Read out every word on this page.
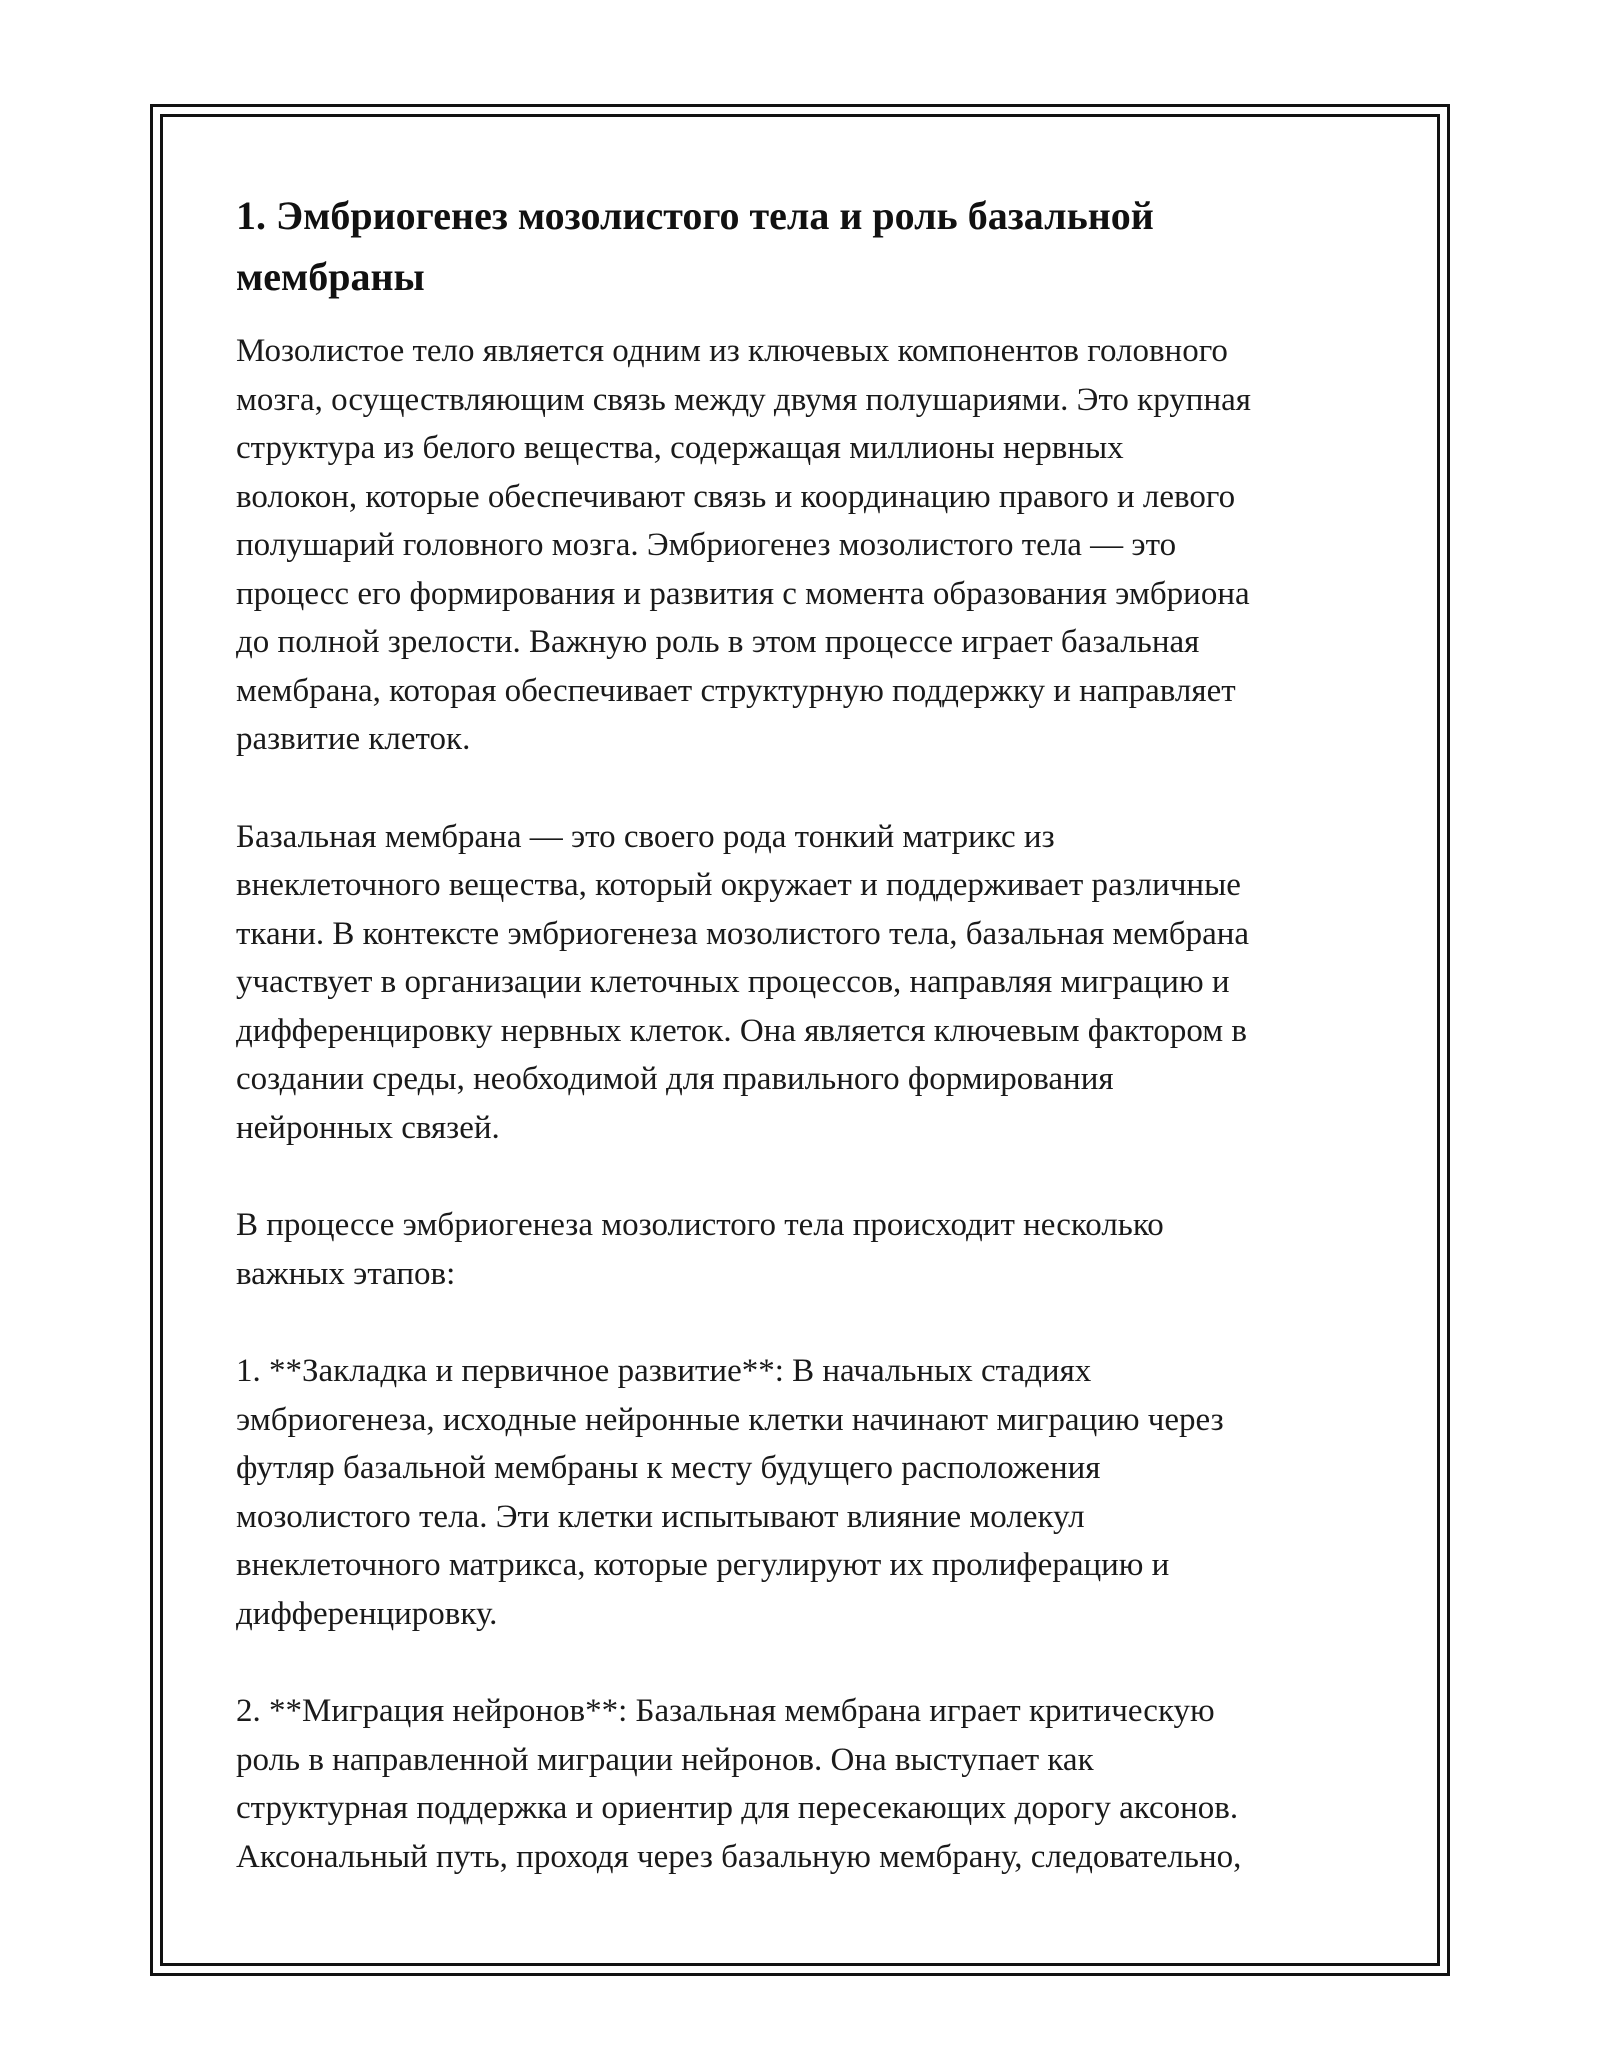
1. Эмбриогенез мозолистого тела и роль базальной
мембраны

Мозолистое тело является одним из ключевых компонентов головного
мозга, осуществляющим связь между двумя полушариями. Это крупная
структура из белого вещества, содержащая миллионы нервных
волокон, которые обеспечивают связь и координацию правого и левого
полушарий головного мозга. Эмбриогенез мозолистого тела — это
процесс его формирования и развития с момента образования эмбриона
до полной зрелости. Важную роль в этом процессе играет базальная
мембрана, которая обеспечивает структурную поддержку и направляет
развитие клеток.

Базальная мембрана — это своего рода тонкий матрикс из
внеклеточного вещества, который окружает и поддерживает различные
ткани. В контексте эмбриогенеза мозолистого тела, базальная мембрана
участвует в организации клеточных процессов, направляя миграцию и
дифференцировку нервных клеток. Она является ключевым фактором в
создании среды, необходимой для правильного формирования
нейронных связей.

В процессе эмбриогенеза мозолистого тела происходит несколько
важных этапов:

1. **Закладка и первичное развитие**: В начальных стадиях
эмбриогенеза, исходные нейронные клетки начинают миграцию через
футляр базальной мембраны к месту будущего расположения
мозолистого тела. Эти клетки испытывают влияние молекул
внеклеточного матрикса, которые регулируют их пролиферацию и
дифференцировку.

2. **Миграция нейронов**: Базальная мембрана играет критическую
роль в направленной миграции нейронов. Она выступает как
структурная поддержка и ориентир для пересекающих дорогу аксонов.
Аксональный путь, проходя через базальную мембрану, следовательно,
